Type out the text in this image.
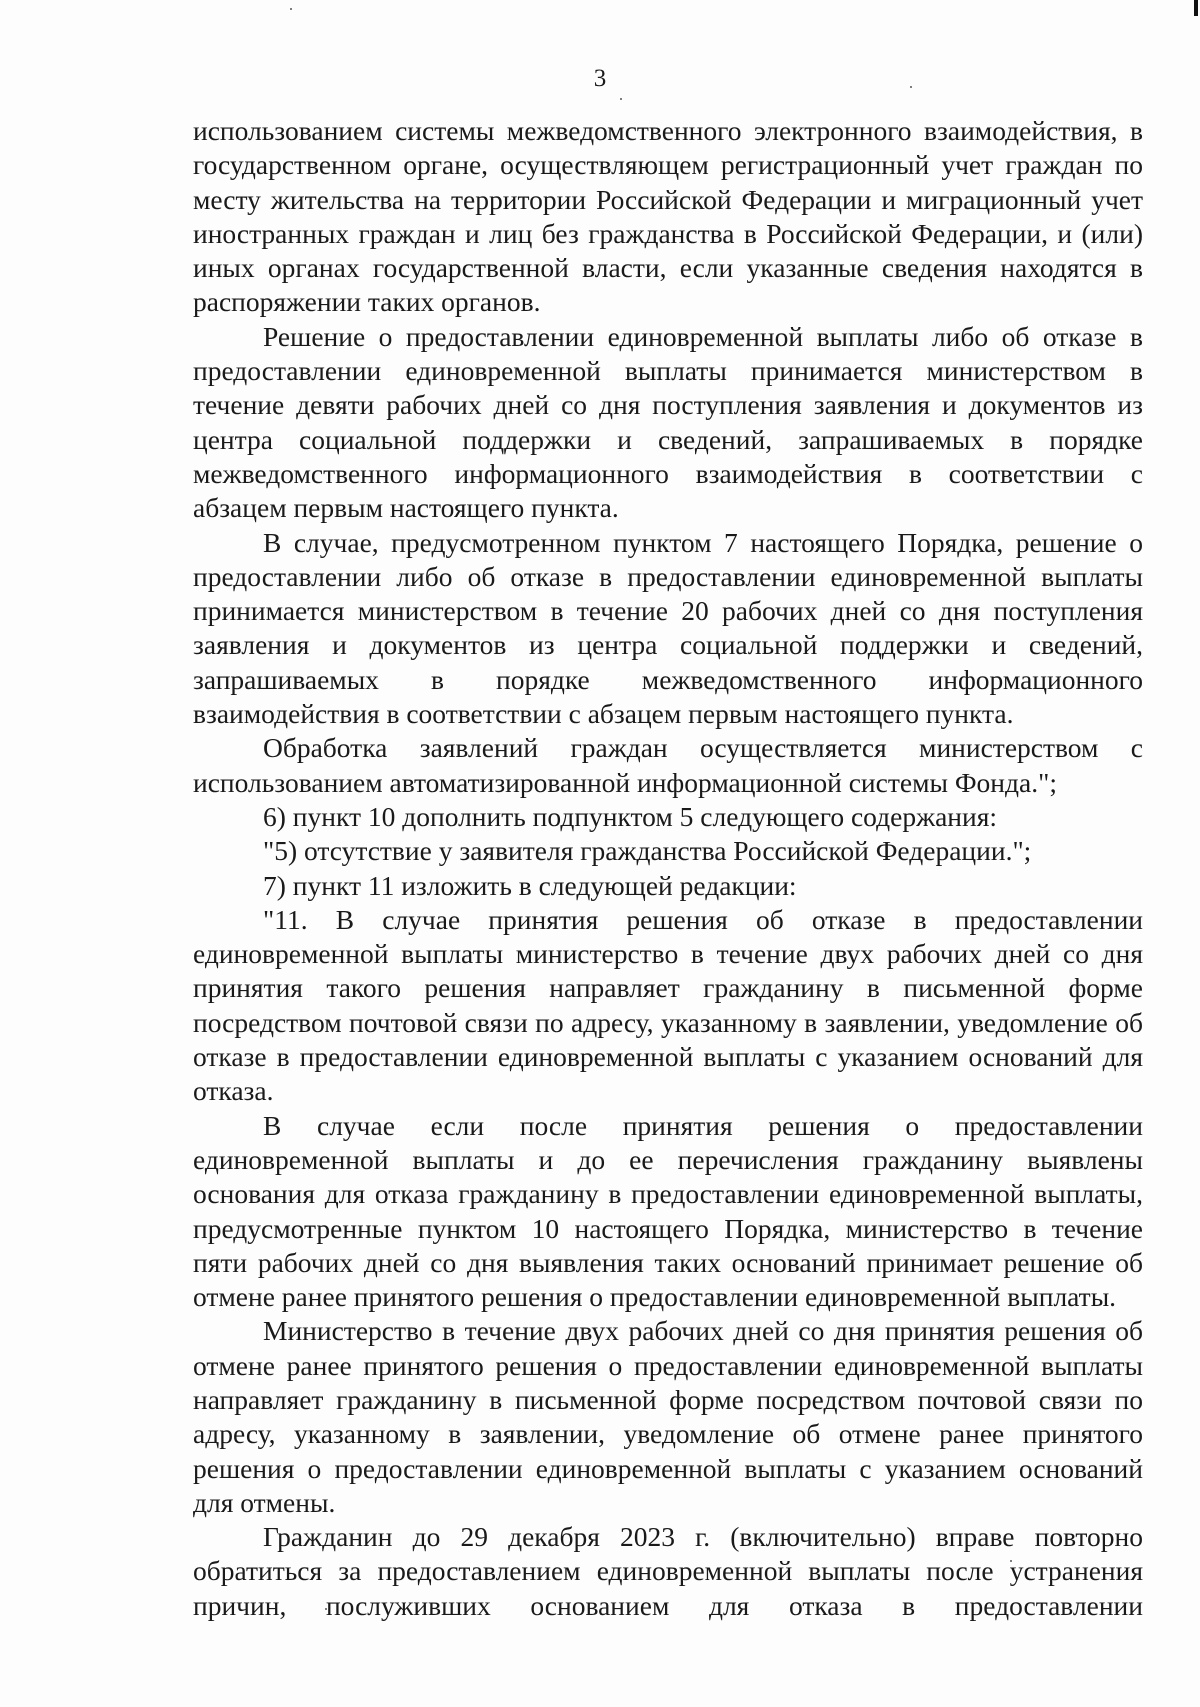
3

использованием системы межведомственного электронного взаимодействия, в государственном органе, осуществляющем регистрационный учет граждан по месту жительства на территории Российской Федерации и миграционный учет иностранных граждан и лиц без гражданства в Российской Федерации, и (или) иных органах государственной власти, если указанные сведения находятся в распоряжении таких органов.

Решение о предоставлении единовременной выплаты либо об отказе в предоставлении единовременной выплаты принимается министерством в течение девяти рабочих дней со дня поступления заявления и документов из центра социальной поддержки и сведений, запрашиваемых в порядке межведомственного информационного взаимодействия в соответствии с абзацем первым настоящего пункта.

В случае, предусмотренном пунктом 7 настоящего Порядка, решение о предоставлении либо об отказе в предоставлении единовременной выплаты принимается министерством в течение 20 рабочих дней со дня поступления заявления и документов из центра социальной поддержки и сведений, запрашиваемых в порядке межведомственного информационного взаимодействия в соответствии с абзацем первым настоящего пункта.

Обработка заявлений граждан осуществляется министерством с использованием автоматизированной информационной системы Фонда.";

6) пункт 10 дополнить подпунктом 5 следующего содержания:

"5) отсутствие у заявителя гражданства Российской Федерации.";

7) пункт 11 изложить в следующей редакции:

"11. В случае принятия решения об отказе в предоставлении единовременной выплаты министерство в течение двух рабочих дней со дня принятия такого решения направляет гражданину в письменной форме посредством почтовой связи по адресу, указанному в заявлении, уведомление об отказе в предоставлении единовременной выплаты с указанием оснований для отказа.

В случае если после принятия решения о предоставлении единовременной выплаты и до ее перечисления гражданину выявлены основания для отказа гражданину в предоставлении единовременной выплаты, предусмотренные пунктом 10 настоящего Порядка, министерство в течение пяти рабочих дней со дня выявления таких оснований принимает решение об отмене ранее принятого решения о предоставлении единовременной выплаты.

Министерство в течение двух рабочих дней со дня принятия решения об отмене ранее принятого решения о предоставлении единовременной выплаты направляет гражданину в письменной форме посредством почтовой связи по адресу, указанному в заявлении, уведомление об отмене ранее принятого решения о предоставлении единовременной выплаты с указанием оснований для отмены.

Гражданин до 29 декабря 2023 г. (включительно) вправе повторно обратиться за предоставлением единовременной выплаты после устранения причин, послуживших основанием для отказа в предоставлении
